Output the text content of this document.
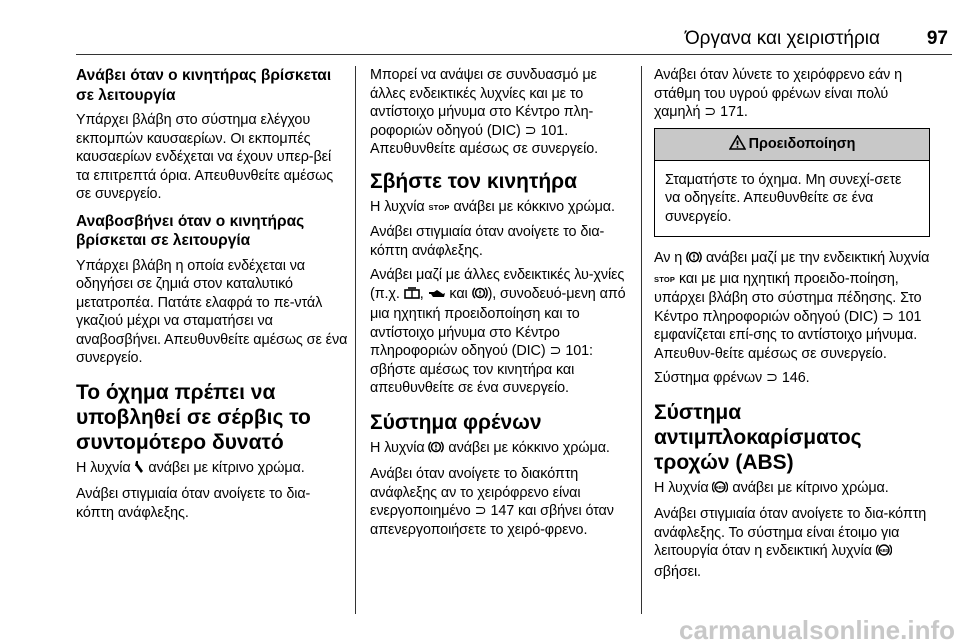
Όργανα και χειριστήρια	97
Ανάβει όταν ο κινητήρας βρίσκεται σε λειτουργία

Υπάρχει βλάβη στο σύστημα ελέγχου εκπομπών καυσαερίων. Οι εκπομπές καυσαερίων ενδέχεται να έχουν υπερ‐βεί τα επιτρεπτά όρια. Απευθυνθείτε αμέσως σε συνεργείο.

Αναβοσβήνει όταν ο κινητήρας βρίσκεται σε λειτουργία

Υπάρχει βλάβη η οποία ενδέχεται να οδηγήσει σε ζημιά στον καταλυτικό μετατροπέα. Πατάτε ελαφρά το πε‐ντάλ γκαζιού μέχρι να σταματήσει να αναβοσβήνει. Απευθυνθείτε αμέσως σε ένα συνεργείο.

Το όχημα πρέπει να υποβληθεί σε σέρβις το συντομότερο δυνατό

Η λυχνία ανάβει με κίτρινο χρώμα.

Ανάβει στιγμιαία όταν ανοίγετε το δια‐κόπτη ανάφλεξης.

Μπορεί να ανάψει σε συνδυασμό με άλλες ενδεικτικές λυχνίες και με το αντίστοιχο μήνυμα στο Κέντρο πλη‐ροφοριών οδηγού (DIC) ⁠⊃ 101. Απευθυνθείτε αμέσως σε συνεργείο.

Σβήστε τον κινητήρα

Η λυχνία STOP ανάβει με κόκκινο χρώμα.

Ανάβει στιγμιαία όταν ανοίγετε το δια‐κόπτη ανάφλεξης.

Ανάβει μαζί με άλλες ενδεικτικές λυ‐χνίες (π.χ. , και ), συνοδευό‐μενη από μια ηχητική προειδοποίηση και το αντίστοιχο μήνυμα στο Κέντρο πληροφοριών οδηγού (DIC) ⁠⊃ 101: σβήστε αμέσως τον κινητήρα και απευθυνθείτε σε ένα συνεργείο.

Σύστημα φρένων

Η λυχνία ανάβει με κόκκινο χρώμα.

Ανάβει όταν ανοίγετε το διακόπτη ανάφλεξης αν το χειρόφρενο είναι ενεργοποιημένο ⁠⊃ 147 και σβήνει όταν απενεργοποιήσετε το χειρό‐φρενο.

Ανάβει όταν λύνετε το χειρόφρενο εάν η στάθμη του υγρού φρένων είναι πολύ χαμηλή ⁠⊃ 171.

Προειδοποίηση

Σταματήστε το όχημα. Μη συνεχί‐σετε να οδηγείτε. Απευθυνθείτε σε ένα συνεργείο.

Αν η ανάβει μαζί με την ενδεικτική λυχνία STOP και με μια ηχητική προειδο‐ποίηση, υπάρχει βλάβη στο σύστημα πέδησης. Στο Κέντρο πληροφοριών οδηγού (DIC) ⁠⊃ 101 εμφανίζεται επί‐σης το αντίστοιχο μήνυμα. Απευθυν‐θείτε αμέσως σε συνεργείο.

Σύστημα φρένων ⁠⊃ 146.

Σύστημα αντιμπλοκαρίσματος τροχών (ABS)

Η λυχνία ABS ανάβει με κίτρινο χρώμα.

Ανάβει στιγμιαία όταν ανοίγετε το δια‐κόπτη ανάφλεξης. Το σύστημα είναι έτοιμο για λειτουργία όταν η ενδεικτική λυχνία ABS
σβήσει.

carmanualsonline.info
